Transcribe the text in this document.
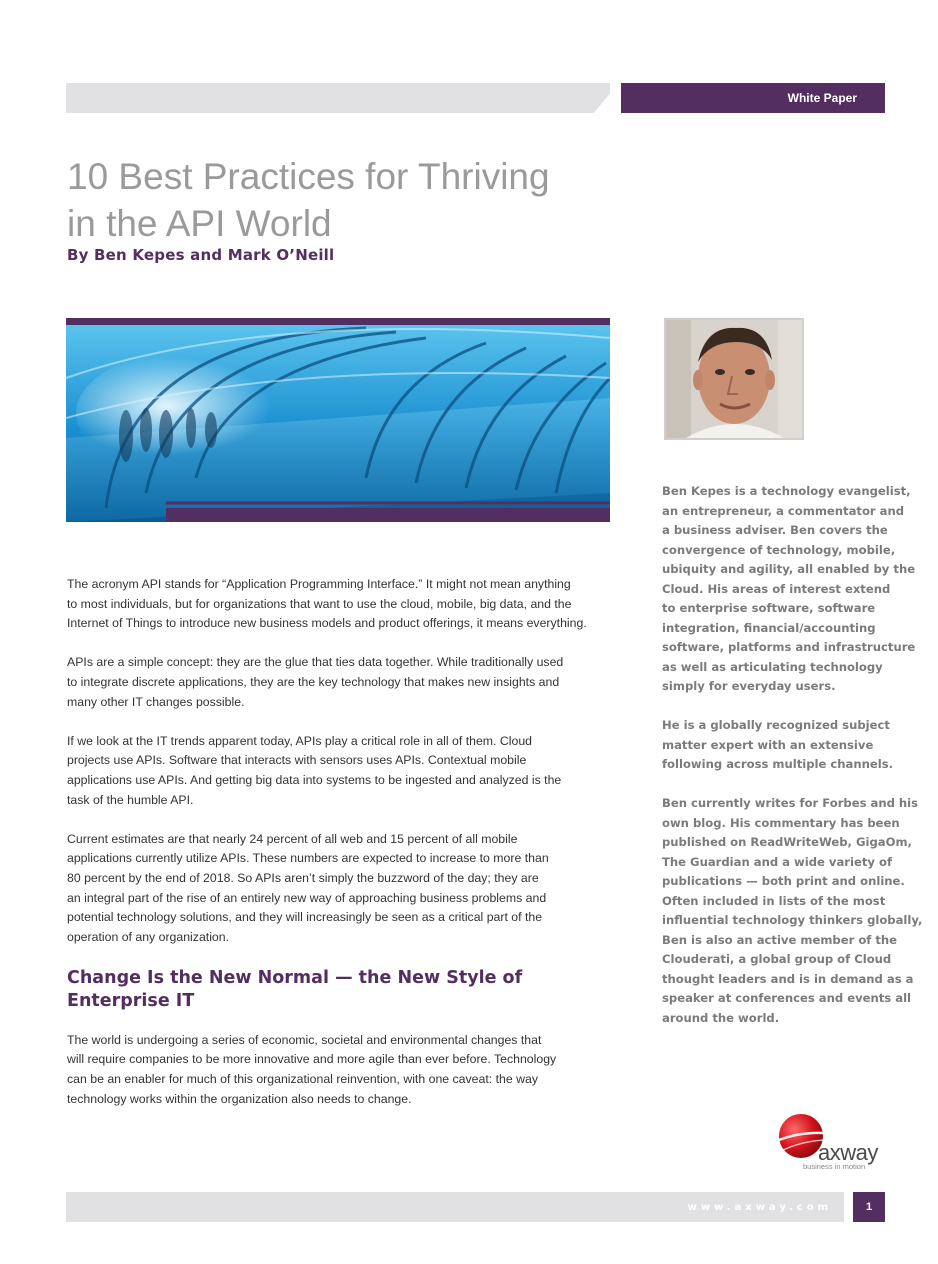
White Paper
10 Best Practices for Thriving
in the API World

By Ben Kepes and Mark O’Neill

The acronym API stands for “Application Programming Interface.” It might not mean anything
to most individuals, but for organizations that want to use the cloud, mobile, big data, and the
Internet of Things to introduce new business models and product offerings, it means everything.

APIs are a simple concept: they are the glue that ties data together. While traditionally used
to integrate discrete applications, they are the key technology that makes new insights and
many other IT changes possible.

If we look at the IT trends apparent today, APIs play a critical role in all of them. Cloud
projects use APIs. Software that interacts with sensors uses APIs. Contextual mobile
applications use APIs. And getting big data into systems to be ingested and analyzed is the
task of the humble API.

Current estimates are that nearly 24 percent of all web and 15 percent of all mobile
applications currently utilize APIs. These numbers are expected to increase to more than
80 percent by the end of 2018. So APIs aren’t simply the buzzword of the day; they are
an integral part of the rise of an entirely new way of approaching business problems and
potential technology solutions, and they will increasingly be seen as a critical part of the
operation of any organization.

Change Is the New Normal — the New Style of
Enterprise IT

The world is undergoing a series of economic, societal and environmental changes that
will require companies to be more innovative and more agile than ever before. Technology
can be an enabler for much of this organizational reinvention, with one caveat: the way
technology works within the organization also needs to change.

Ben Kepes is a technology evangelist,
an entrepreneur, a commentator and
a business adviser. Ben covers the
convergence of technology, mobile,
ubiquity and agility, all enabled by the
Cloud. His areas of interest extend
to enterprise software, software
integration, financial/accounting
software, platforms and infrastructure
as well as articulating technology
simply for everyday users.

He is a globally recognized subject
matter expert with an extensive
following across multiple channels.

Ben currently writes for Forbes and his
own blog. His commentary has been
published on ReadWriteWeb, GigaOm,
The Guardian and a wide variety of
publications — both print and online.
Often included in lists of the most
influential technology thinkers globally,
Ben is also an active member of the
Clouderati, a global group of Cloud
thought leaders and is in demand as a
speaker at conferences and events all
around the world.

axway
business in motion
www.axway.com	1
